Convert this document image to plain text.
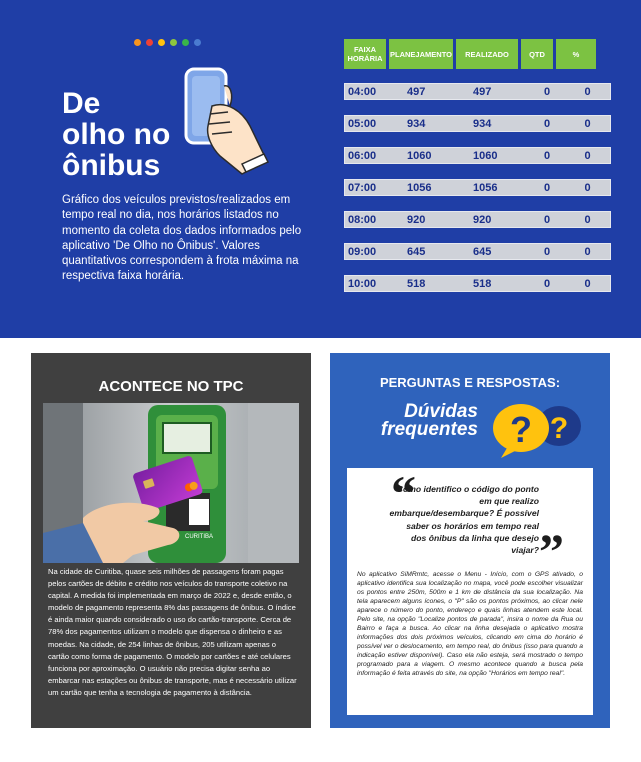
De
olho no
ônibus
Gráfico dos veículos previstos/realizados em tempo real no dia, nos horários listados no momento da coleta dos dados informados pelo aplicativo 'De Olho no Ônibus'. Valores quantitativos correspondem à frota máxima na respectiva faixa horária.
FAIXA HORÁRIA	PLANEJAMENTO	REALIZADO	QTD	%
04:00	497	497	0	0
05:00	934	934	0	0
06:00	1060	1060	0	0
07:00	1056	1056	0	0
08:00	920	920	0	0
09:00	645	645	0	0
10:00	518	518	0	0
ACONTECE NO TPC
CURITIBA
Na cidade de Curitiba, quase seis milhões de passagens foram pagas pelos cartões de débito e crédito nos veículos do transporte coletivo na capital. A medida foi implementada em março de 2022 e, desde então, o modelo de pagamento representa 8% das passagens de ônibus. O índice é ainda maior quando considerado o uso do cartão-transporte. Cerca de 78% dos pagamentos utilizam o modelo que dispensa o dinheiro e as moedas. Na cidade, de 254 linhas de ônibus, 205 utilizam apenas o cartão como forma de pagamento. O modelo por cartões e até celulares funciona por aproximação. O usuário não precisa digitar senha ao embarcar nas estações ou ônibus de transporte, mas é necessário utilizar um cartão que tenha a tecnologia de pagamento à distância.
PERGUNTAS E RESPOSTAS:
Dúvidas frequentes ?
?
“
Como identifico o código do ponto em que realizo embarque/desembarque? É possível saber os horários em tempo real dos ônibus da linha que desejo viajar? ”
No aplicativo SiMRmtc, acesse o Menu - Início, com o GPS ativado, o aplicativo identifica sua localização no mapa, você pode escolher visualizar os pontos entre 250m, 500m e 1 km de distância da sua localização. Na tela aparecem alguns ícones, o "P" são os pontos próximos, ao clicar nele aparece o número do ponto, endereço e quais linhas atendem este local. Pelo site, na opção "Localize pontos de parada", insira o nome da Rua ou Bairro e faça a busca. Ao clicar na linha desejada o aplicativo mostra informações dos dois próximos veículos, clicando em cima do horário é possível ver o deslocamento, em tempo real, do ônibus (isso para quando a indicação estiver disponível). Caso ela não esteja, será mostrado o tempo programado para a viagem. O mesmo acontece quando a busca pela informação é feita através do site, na opção "Horários em tempo real".
